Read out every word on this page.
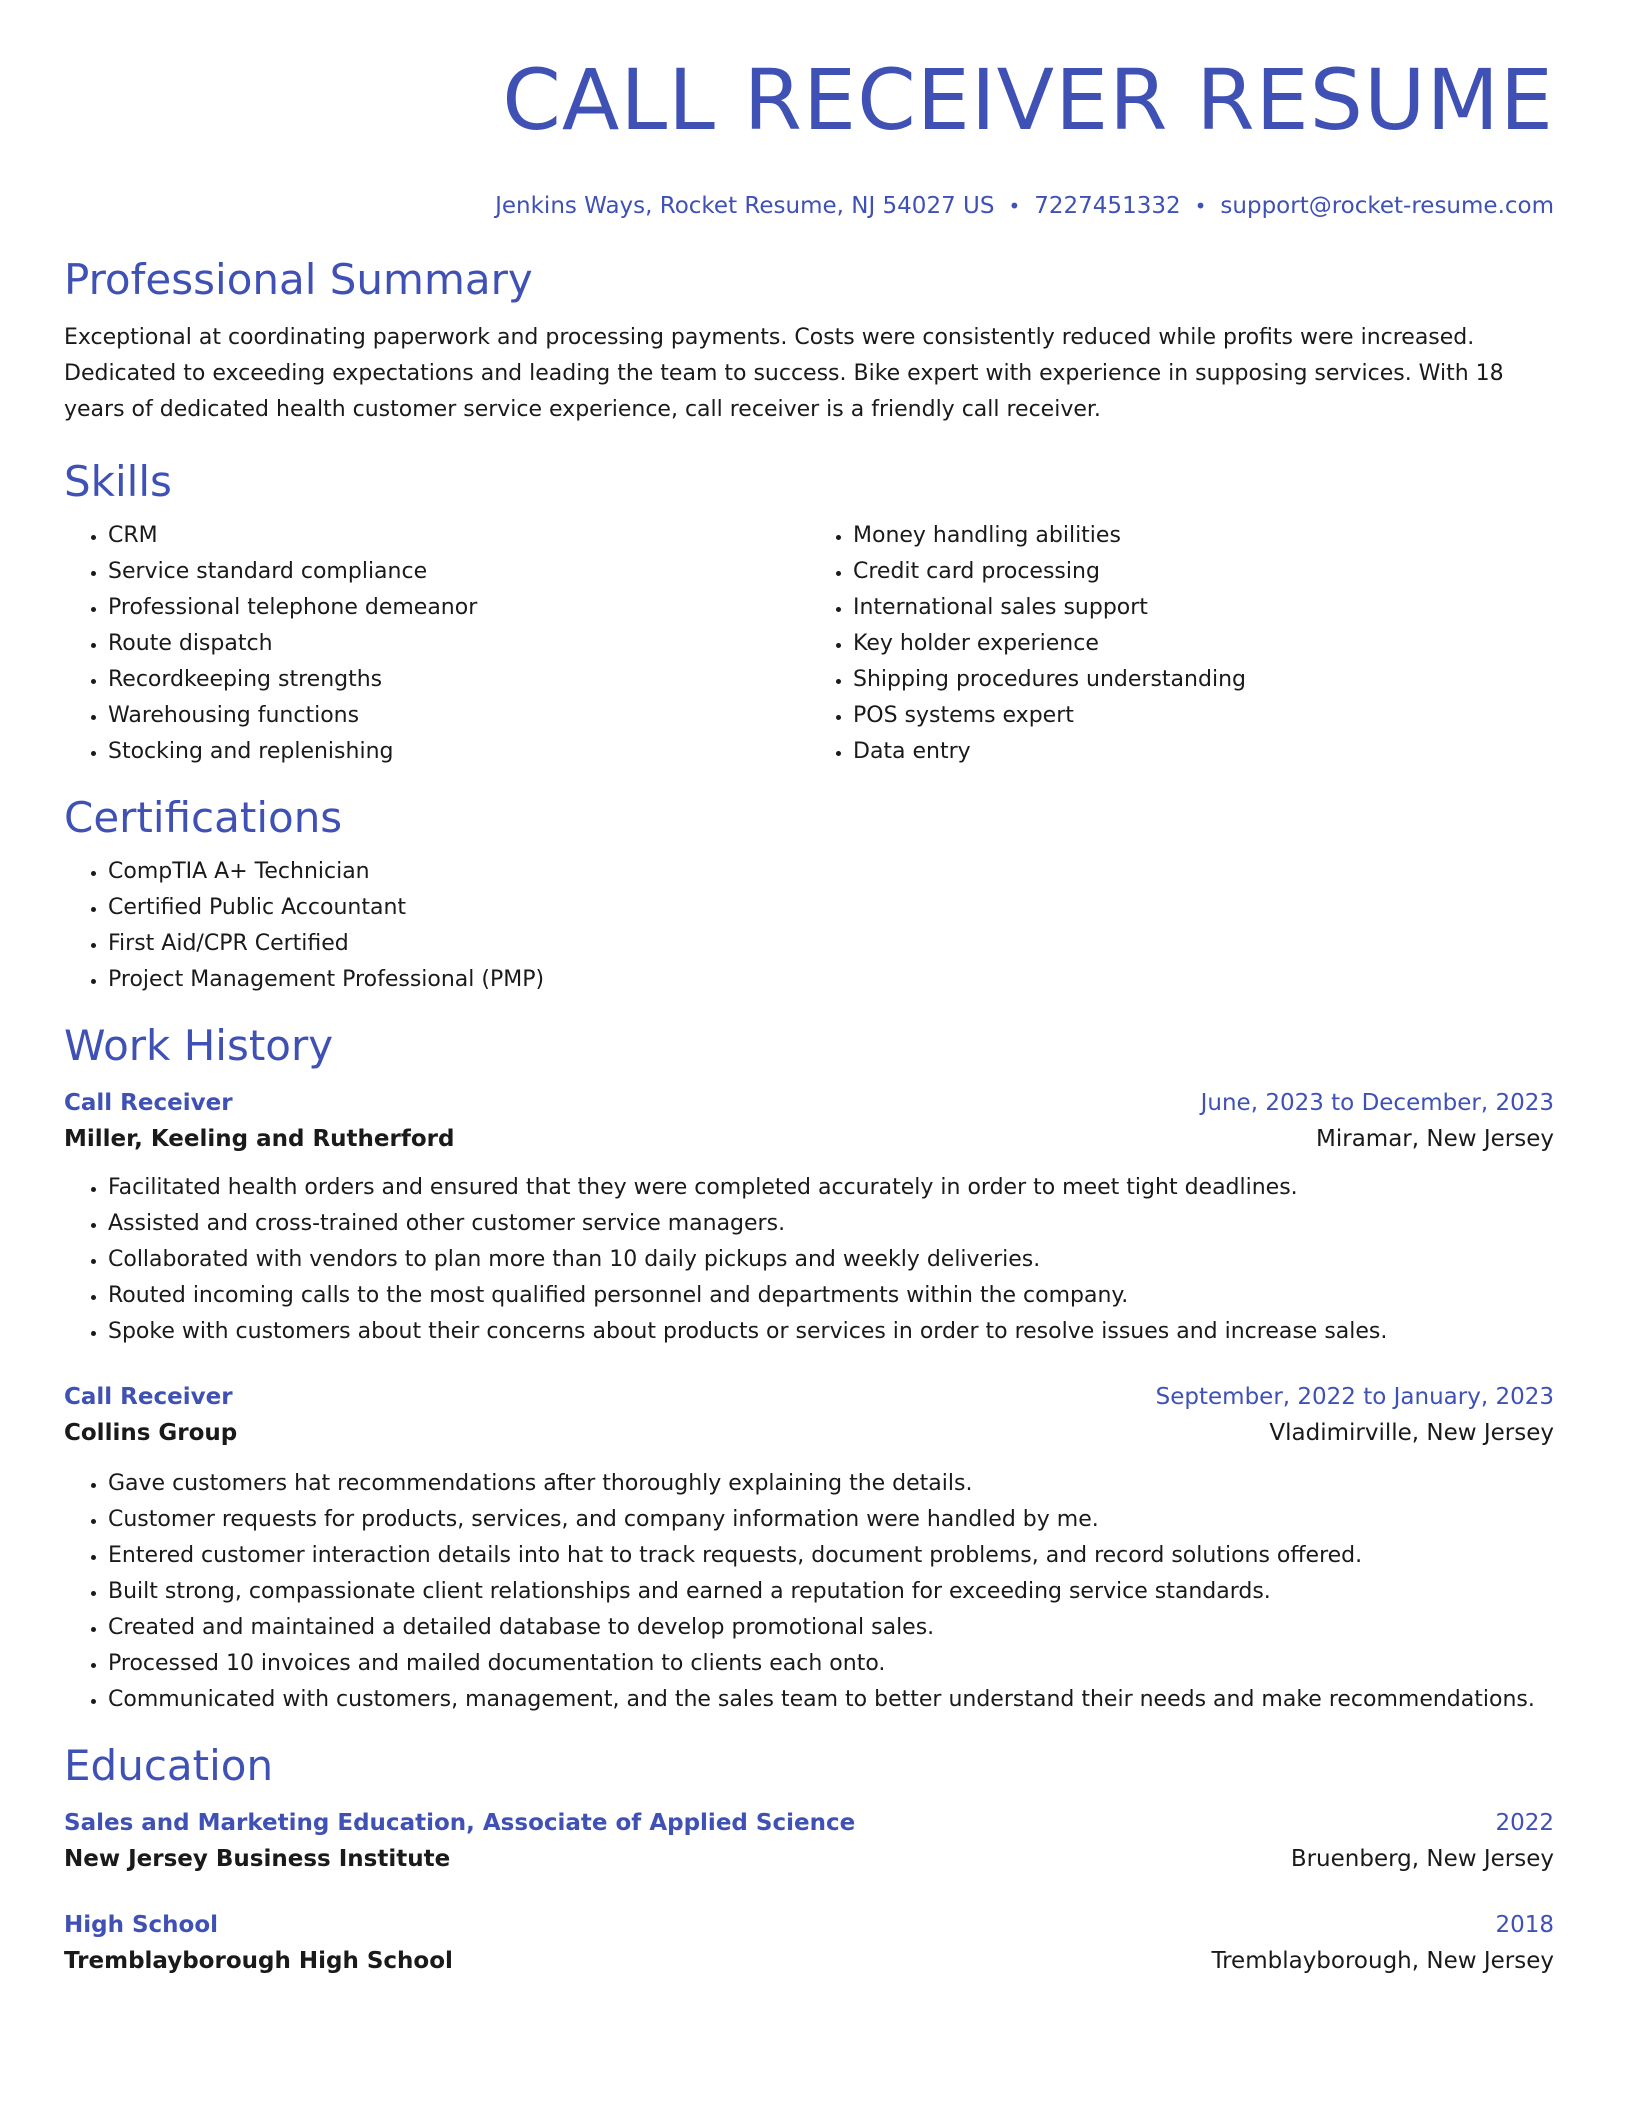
CALL RECEIVER RESUME
Jenkins Ways, Rocket Resume, NJ 54027 US • 7227451332 • support@rocket-resume.com
Professional Summary

Exceptional at coordinating paperwork and processing payments. Costs were consistently reduced while profits were increased. Dedicated to exceeding expectations and leading the team to success. Bike expert with experience in supposing services. With 18 years of dedicated health customer service experience, call receiver is a friendly call receiver.

Skills
• CRM
• Service standard compliance
• Professional telephone demeanor
• Route dispatch
• Recordkeeping strengths
• Warehousing functions
• Stocking and replenishing
• Money handling abilities
• Credit card processing
• International sales support
• Key holder experience
• Shipping procedures understanding
• POS systems expert
• Data entry
Certifications
• CompTIA A+ Technician
• Certified Public Accountant
• First Aid/CPR Certified
• Project Management Professional (PMP)
Work History
Call Receiver	June, 2023 to December, 2023
Miller, Keeling and Rutherford	Miramar, New Jersey
• Facilitated health orders and ensured that they were completed accurately in order to meet tight deadlines.
• Assisted and cross-trained other customer service managers.
• Collaborated with vendors to plan more than 10 daily pickups and weekly deliveries.
• Routed incoming calls to the most qualified personnel and departments within the company.
• Spoke with customers about their concerns about products or services in order to resolve issues and increase sales.
Call Receiver	September, 2022 to January, 2023
Collins Group	Vladimirville, New Jersey
• Gave customers hat recommendations after thoroughly explaining the details.
• Customer requests for products, services, and company information were handled by me.
• Entered customer interaction details into hat to track requests, document problems, and record solutions offered.
• Built strong, compassionate client relationships and earned a reputation for exceeding service standards.
• Created and maintained a detailed database to develop promotional sales.
• Processed 10 invoices and mailed documentation to clients each onto.
• Communicated with customers, management, and the sales team to better understand their needs and make recommendations.
Education
Sales and Marketing Education, Associate of Applied Science	2022
New Jersey Business Institute	Bruenberg, New Jersey
High School	2018
Tremblayborough High School	Tremblayborough, New Jersey
